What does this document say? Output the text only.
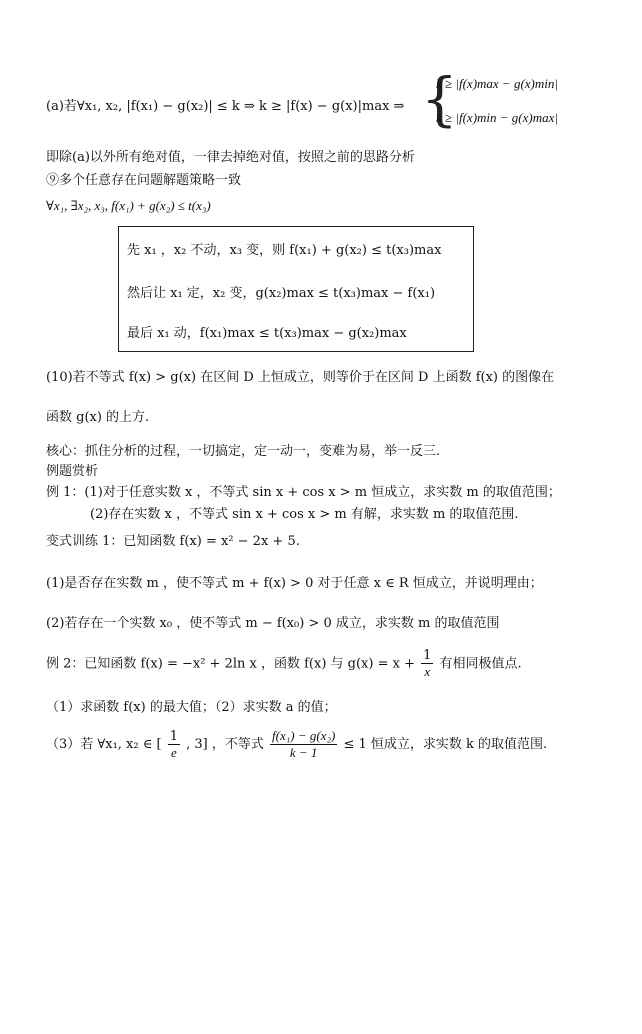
(a)若∀x₁, x₂, |f(x₁) − g(x₂)| ≤ k ⇒ k ≥ |f(x) − g(x)|max ⇒ {
k ≥ |f(x)max − g(x)min|
k ≥ |f(x)min − g(x)max|
即除(a)以外所有绝对值，一律去掉绝对值，按照之前的思路分析
⑨多个任意存在问题解题策略一致
∀x₁, ∃x₂, x₃, f(x₁) + g(x₂) ≤ t(x₃)
先 x₁ ，x₂ 不动，x₃ 变，则 f(x₁) + g(x₂) ≤ t(x₃)max
然后让 x₁ 定，x₂ 变，g(x₂)max ≤ t(x₃)max − f(x₁)
最后 x₁ 动，f(x₁)max ≤ t(x₃)max − g(x₂)max
(10)若不等式 f(x) > g(x) 在区间 D 上恒成立，则等价于在区间 D 上函数 f(x) 的图像在
函数 g(x) 的上方.
核心：抓住分析的过程，一切搞定，定一动一，变难为易，举一反三.
例题赏析
例 1：(1)对于任意实数 x ，不等式 sin x + cos x > m 恒成立，求实数 m 的取值范围；
(2)存在实数 x ，不等式 sin x + cos x > m 有解，求实数 m 的取值范围.
变式训练 1：已知函数 f(x) = x² − 2x + 5.
(1)是否存在实数 m ，使不等式 m + f(x) > 0 对于任意 x ∈ R 恒成立，并说明理由；
(2)若存在一个实数 x₀ ，使不等式 m − f(x₀) > 0 成立，求实数 m 的取值范围
例 2：已知函数 f(x) = −x² + 2ln x ，函数 f(x) 与 $g(x) = x + \frac{1}{x}$ 有相同极值点.
（1）求函数 f(x) 的最大值；（2）求实数 a 的值；
（3）若 ∀x₁, x₂ ∈ [ $\frac{1}{e}$ , 3] ，不等式 $\frac{\text{f(x₁) − g(x₂)}}{k - 1} \le 1$ 恒成立，求实数 k 的取值范围.
